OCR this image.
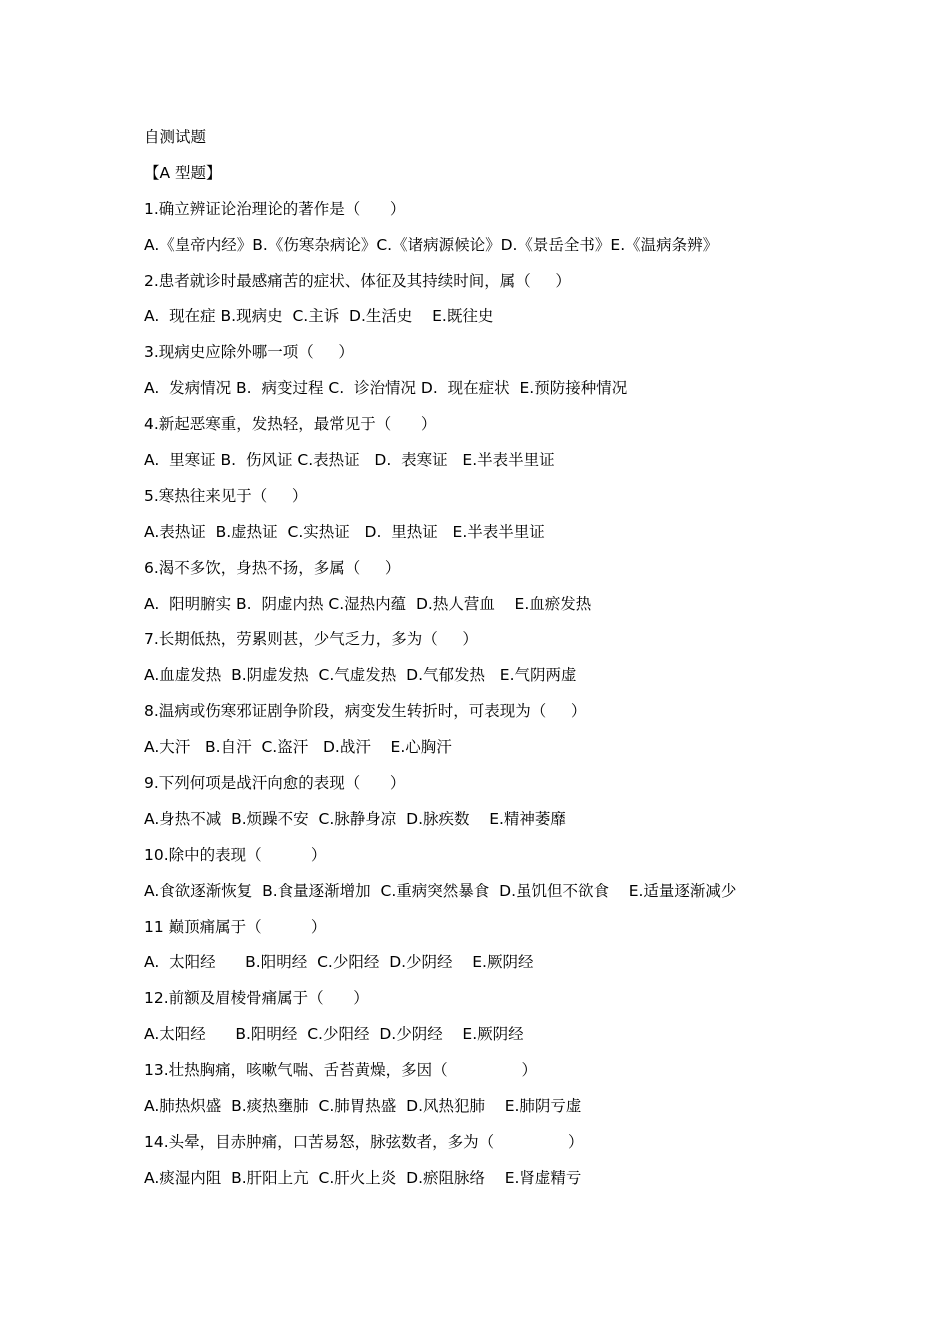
自测试题
【A 型题】
1.确立辨证论治理论的著作是（      ）
A.《皇帝内经》B.《伤寒杂病论》C.《诸病源候论》D.《景岳全书》E.《温病条辨》
2.患者就诊时最感痛苦的症状、体征及其持续时间，属（     ）
A.  现在症 B.现病史  C.主诉  D.生活史    E.既往史
3.现病史应除外哪一项（     ）
A.  发病情况 B.  病变过程 C.  诊治情况 D.  现在症状  E.预防接种情况
4.新起恶寒重，发热轻，最常见于（      ）
A.  里寒证 B.  伤风证 C.表热证   D.  表寒证   E.半表半里证
5.寒热往来见于（     ）
A.表热证  B.虚热证  C.实热证   D.  里热证   E.半表半里证
6.渴不多饮，身热不扬，多属（     ）
A.  阳明腑实 B.  阴虚内热 C.湿热内蕴  D.热人营血    E.血瘀发热
7.长期低热，劳累则甚，少气乏力，多为（     ）
A.血虚发热  B.阴虚发热  C.气虚发热  D.气郁发热   E.气阴两虚
8.温病或伤寒邪证剧争阶段，病变发生转折时，可表现为（     ）
A.大汗   B.自汗  C.盗汗   D.战汗    E.心胸汗
9.下列何项是战汗向愈的表现（      ）
A.身热不减  B.烦躁不安  C.脉静身凉  D.脉疾数    E.精神萎靡
10.除中的表现（          ）
A.食欲逐渐恢复  B.食量逐渐增加  C.重病突然暴食  D.虽饥但不欲食    E.适量逐渐减少
11 巅顶痛属于（          ）
A.  太阳经      B.阳明经  C.少阳经  D.少阴经    E.厥阴经
12.前额及眉棱骨痛属于（      ）
A.太阳经      B.阳明经  C.少阳经  D.少阴经    E.厥阴经
13.壮热胸痛，咳嗽气喘、舌苔黄燥，多因（               ）
A.肺热炽盛  B.痰热壅肺  C.肺胃热盛  D.风热犯肺    E.肺阴亏虚
14.头晕，目赤肿痛，口苦易怒，脉弦数者，多为（               ）
A.痰湿内阻  B.肝阳上亢  C.肝火上炎  D.瘀阻脉络    E.肾虚精亏
